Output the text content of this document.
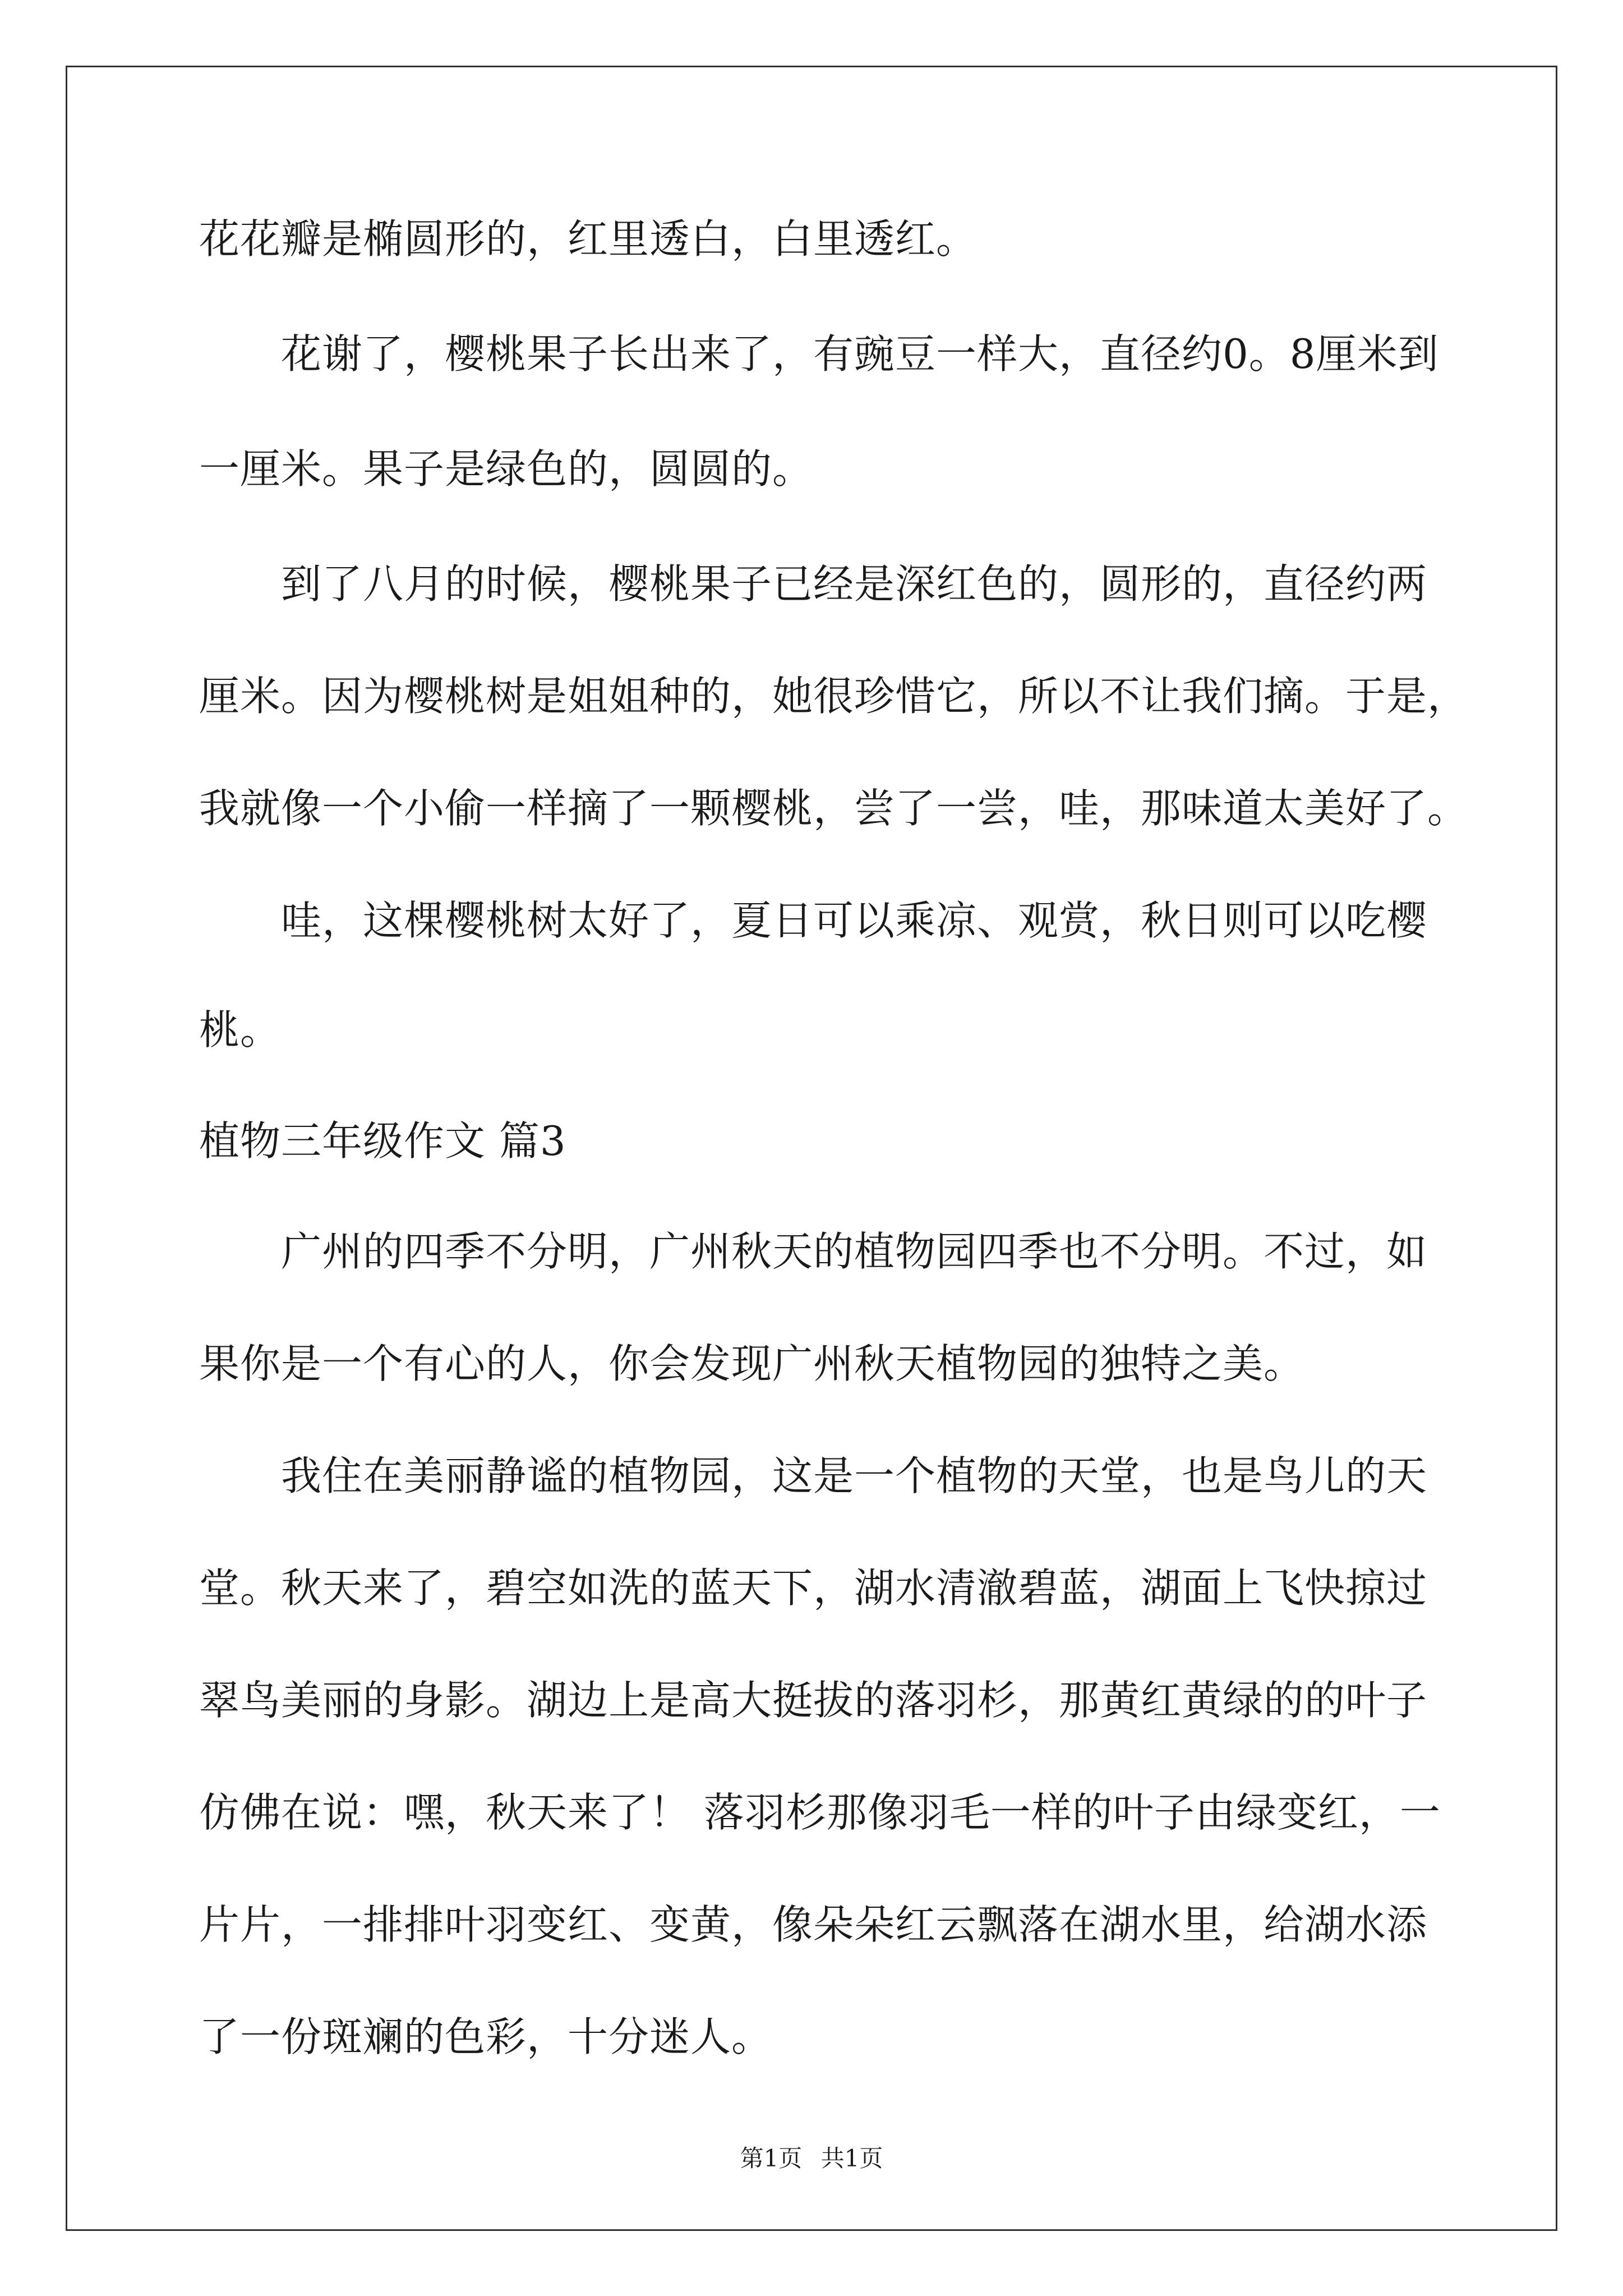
花花瓣是椭圆形的，红里透白，白里透红。
　　花谢了，樱桃果子长出来了，有豌豆一样大，直径约0。8厘米到
一厘米。果子是绿色的，圆圆的。
　　到了八月的时候，樱桃果子已经是深红色的，圆形的，直径约两
厘米。因为樱桃树是姐姐种的，她很珍惜它，所以不让我们摘。于是，
我就像一个小偷一样摘了一颗樱桃，尝了一尝，哇，那味道太美好了。
　　哇，这棵樱桃树太好了，夏日可以乘凉、观赏，秋日则可以吃樱
桃。
植物三年级作文 篇3
　　广州的四季不分明，广州秋天的植物园四季也不分明。不过，如
果你是一个有心的人，你会发现广州秋天植物园的独特之美。
　　我住在美丽静谧的植物园，这是一个植物的天堂，也是鸟儿的天
堂。秋天来了，碧空如洗的蓝天下，湖水清澈碧蓝，湖面上飞快掠过
翠鸟美丽的身影。湖边上是高大挺拔的落羽杉，那黄红黄绿的的叶子
仿佛在说：嘿，秋天来了！ 落羽杉那像羽毛一样的叶子由绿变红，一
片片，一排排叶羽变红、变黄，像朵朵红云飘落在湖水里，给湖水添
了一份斑斓的色彩，十分迷人。
第1页 共1页
